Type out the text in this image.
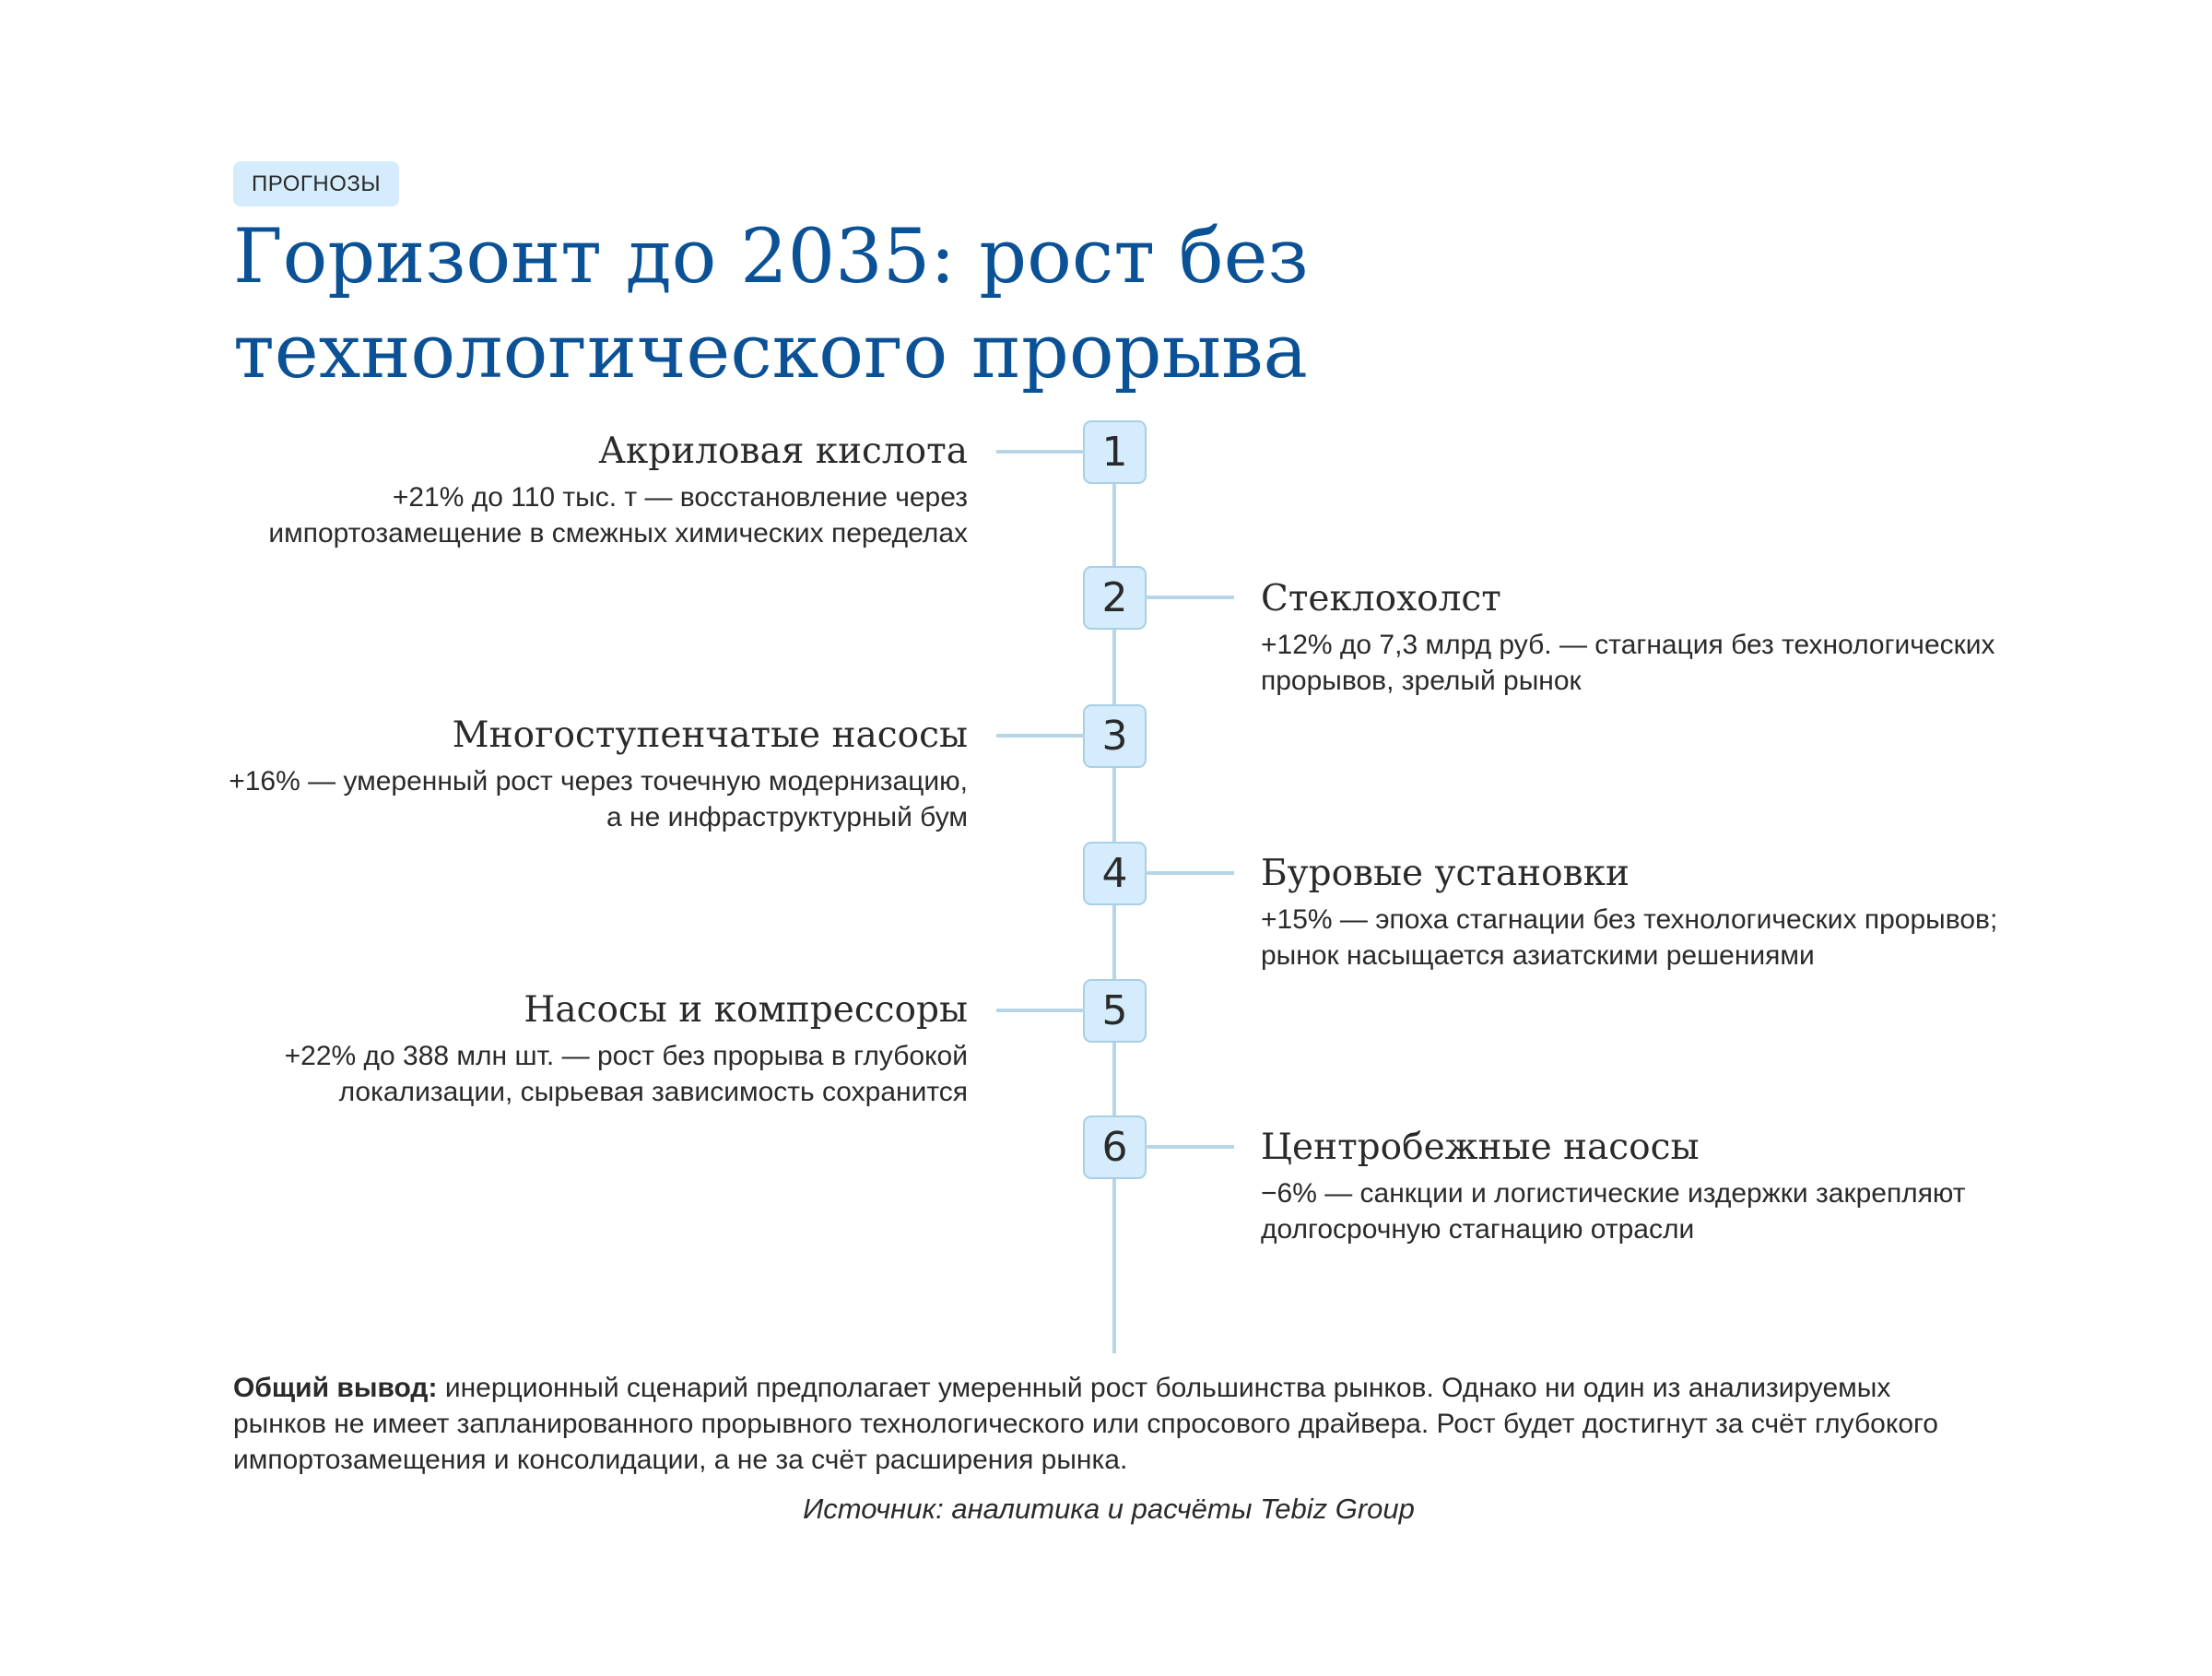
ПРОГНОЗЫ
Горизонт до 2035: рост без технологического прорыва
1
Акриловая кислота
+21% до 110 тыс. т — восстановление через импортозамещение в смежных химических переделах
2	Стеклохолст
+12% до 7,3 млрд руб. — стагнация без технологических прорывов, зрелый рынок
3
Многоступенчатые насосы
+16% — умеренный рост через точечную модернизацию, а не инфраструктурный бум
4	Буровые установки
+15% — эпоха стагнации без технологических прорывов; рынок насыщается азиатскими решениями
5
Насосы и компрессоры
+22% до 388 млн шт. — рост без прорыва в глубокой локализации, сырьевая зависимость сохранится
6	Центробежные насосы
−6% — санкции и логистические издержки закрепляют долгосрочную стагнацию отрасли
Общий вывод: инерционный сценарий предполагает умеренный рост большинства рынков. Однако ни один из анализируемых рынков не имеет запланированного прорывного технологического или спросового драйвера. Рост будет достигнут за счёт глубокого импортозамещения и консолидации, а не за счёт расширения рынка.
Источник: аналитика и расчёты Tebiz Group
